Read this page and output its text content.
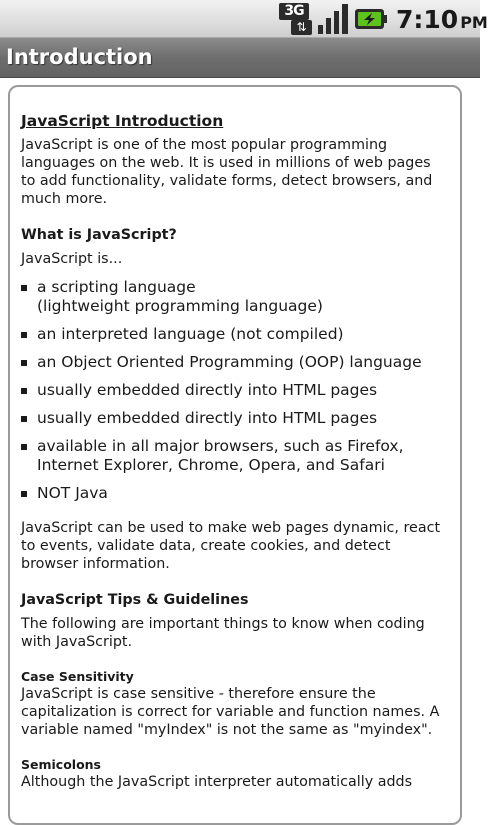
3G
⇅	7:10 PM
Introduction
JavaScript Introduction

JavaScript is one of the most popular programming languages on the web. It is used in millions of web pages to add functionality, validate forms, detect browsers, and much more.

What is JavaScript?

JavaScript is...

a scripting language
(lightweight programming language)
an interpreted language (not compiled)
an Object Oriented Programming (OOP) language
usually embedded directly into HTML pages
usually embedded directly into HTML pages
available in all major browsers, such as Firefox, Internet Explorer, Chrome, Opera, and Safari
NOT Java

JavaScript can be used to make web pages dynamic, react to events, validate data, create cookies, and detect browser information.

JavaScript Tips & Guidelines

The following are important things to know when coding with JavaScript.

Case Sensitivity

JavaScript is case sensitive - therefore ensure the capitalization is correct for variable and function names. A variable named "myIndex" is not the same as "myindex".

Semicolons

Although the JavaScript interpreter automatically adds
